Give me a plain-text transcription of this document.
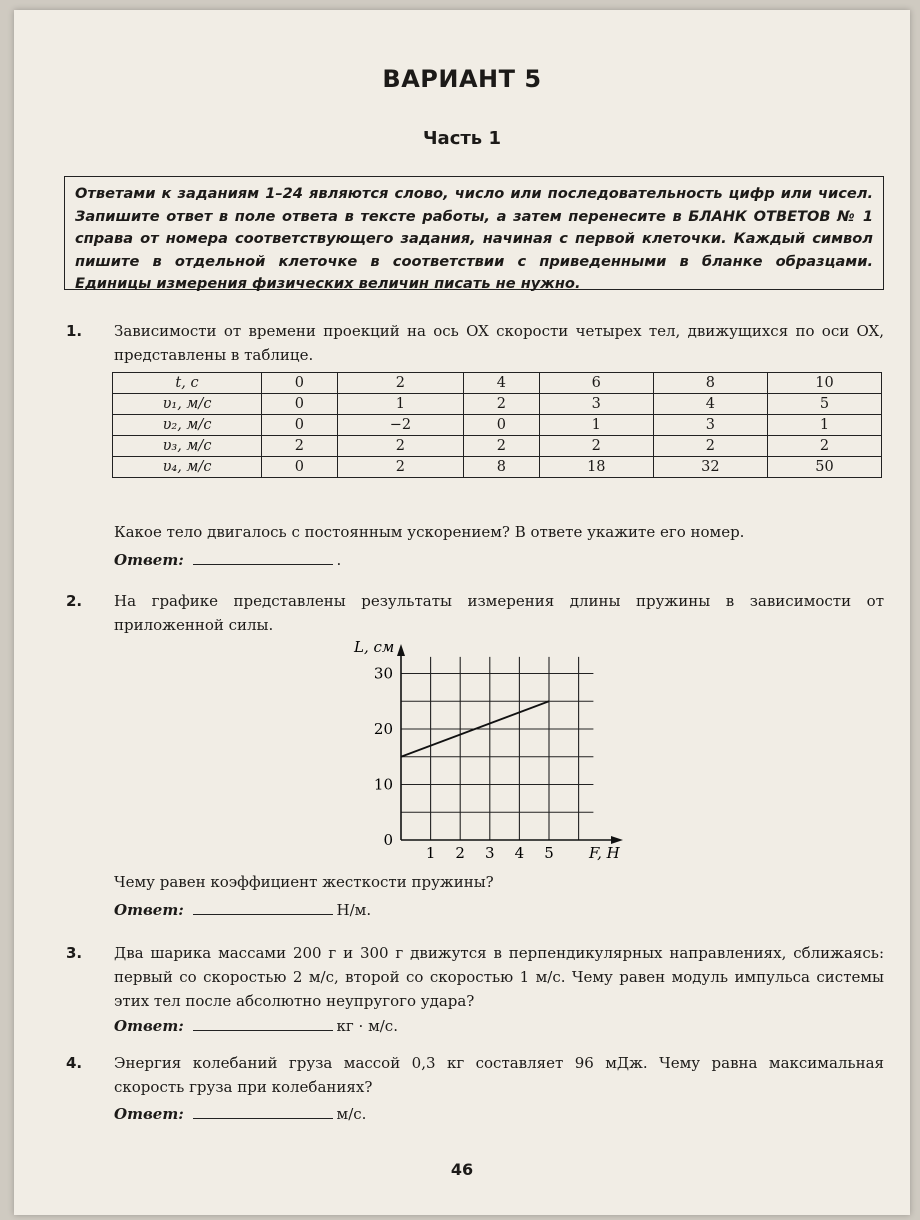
ВАРИАНТ 5
Часть 1
Ответами к заданиям 1–24 являются слово, число или последовательность цифр или чисел. Запишите ответ в поле ответа в тексте работы, а затем перенесите в БЛАНК ОТВЕТОВ № 1 справа от номера соответствующего задания, начиная с первой клеточки. Каждый символ пишите в отдельной клеточке в соответствии с приведенными в бланке образцами. Единицы измерения физических величин писать не нужно.
1. Зависимости от времени проекций на ось OX скорости четырех тел, движущихся по оси OX, представлены в таблице.
t, c	0	2	4	6	8	10
υ₁, м/с	0	1	2	3	4	5
υ₂, м/с	0	−2	0	1	3	1
υ₃, м/с	2	2	2	2	2	2
υ₄, м/с	0	2	8	18	32	50
Какое тело двигалось с постоянным ускорением? В ответе укажите его номер.
Ответ:	.
2. На графике представлены результаты измерения длины пружины в зависимости от приложенной силы.
1 2 3 4 5
0
10
20
30
L, см
F, Н
Чему равен коэффициент жесткости пружины?
Ответ:	Н/м.
3. Два шарика массами 200 г и 300 г движутся в перпендикулярных направлениях, сближаясь: первый со скоростью 2 м/с, второй со скоростью 1 м/с. Чему равен модуль импульса системы этих тел после абсолютно неупругого удара?
Ответ:	кг · м/с.
4. Энергия колебаний груза массой 0,3 кг составляет 96 мДж. Чему равна максимальная скорость груза при колебаниях?
Ответ:	м/с.
46
